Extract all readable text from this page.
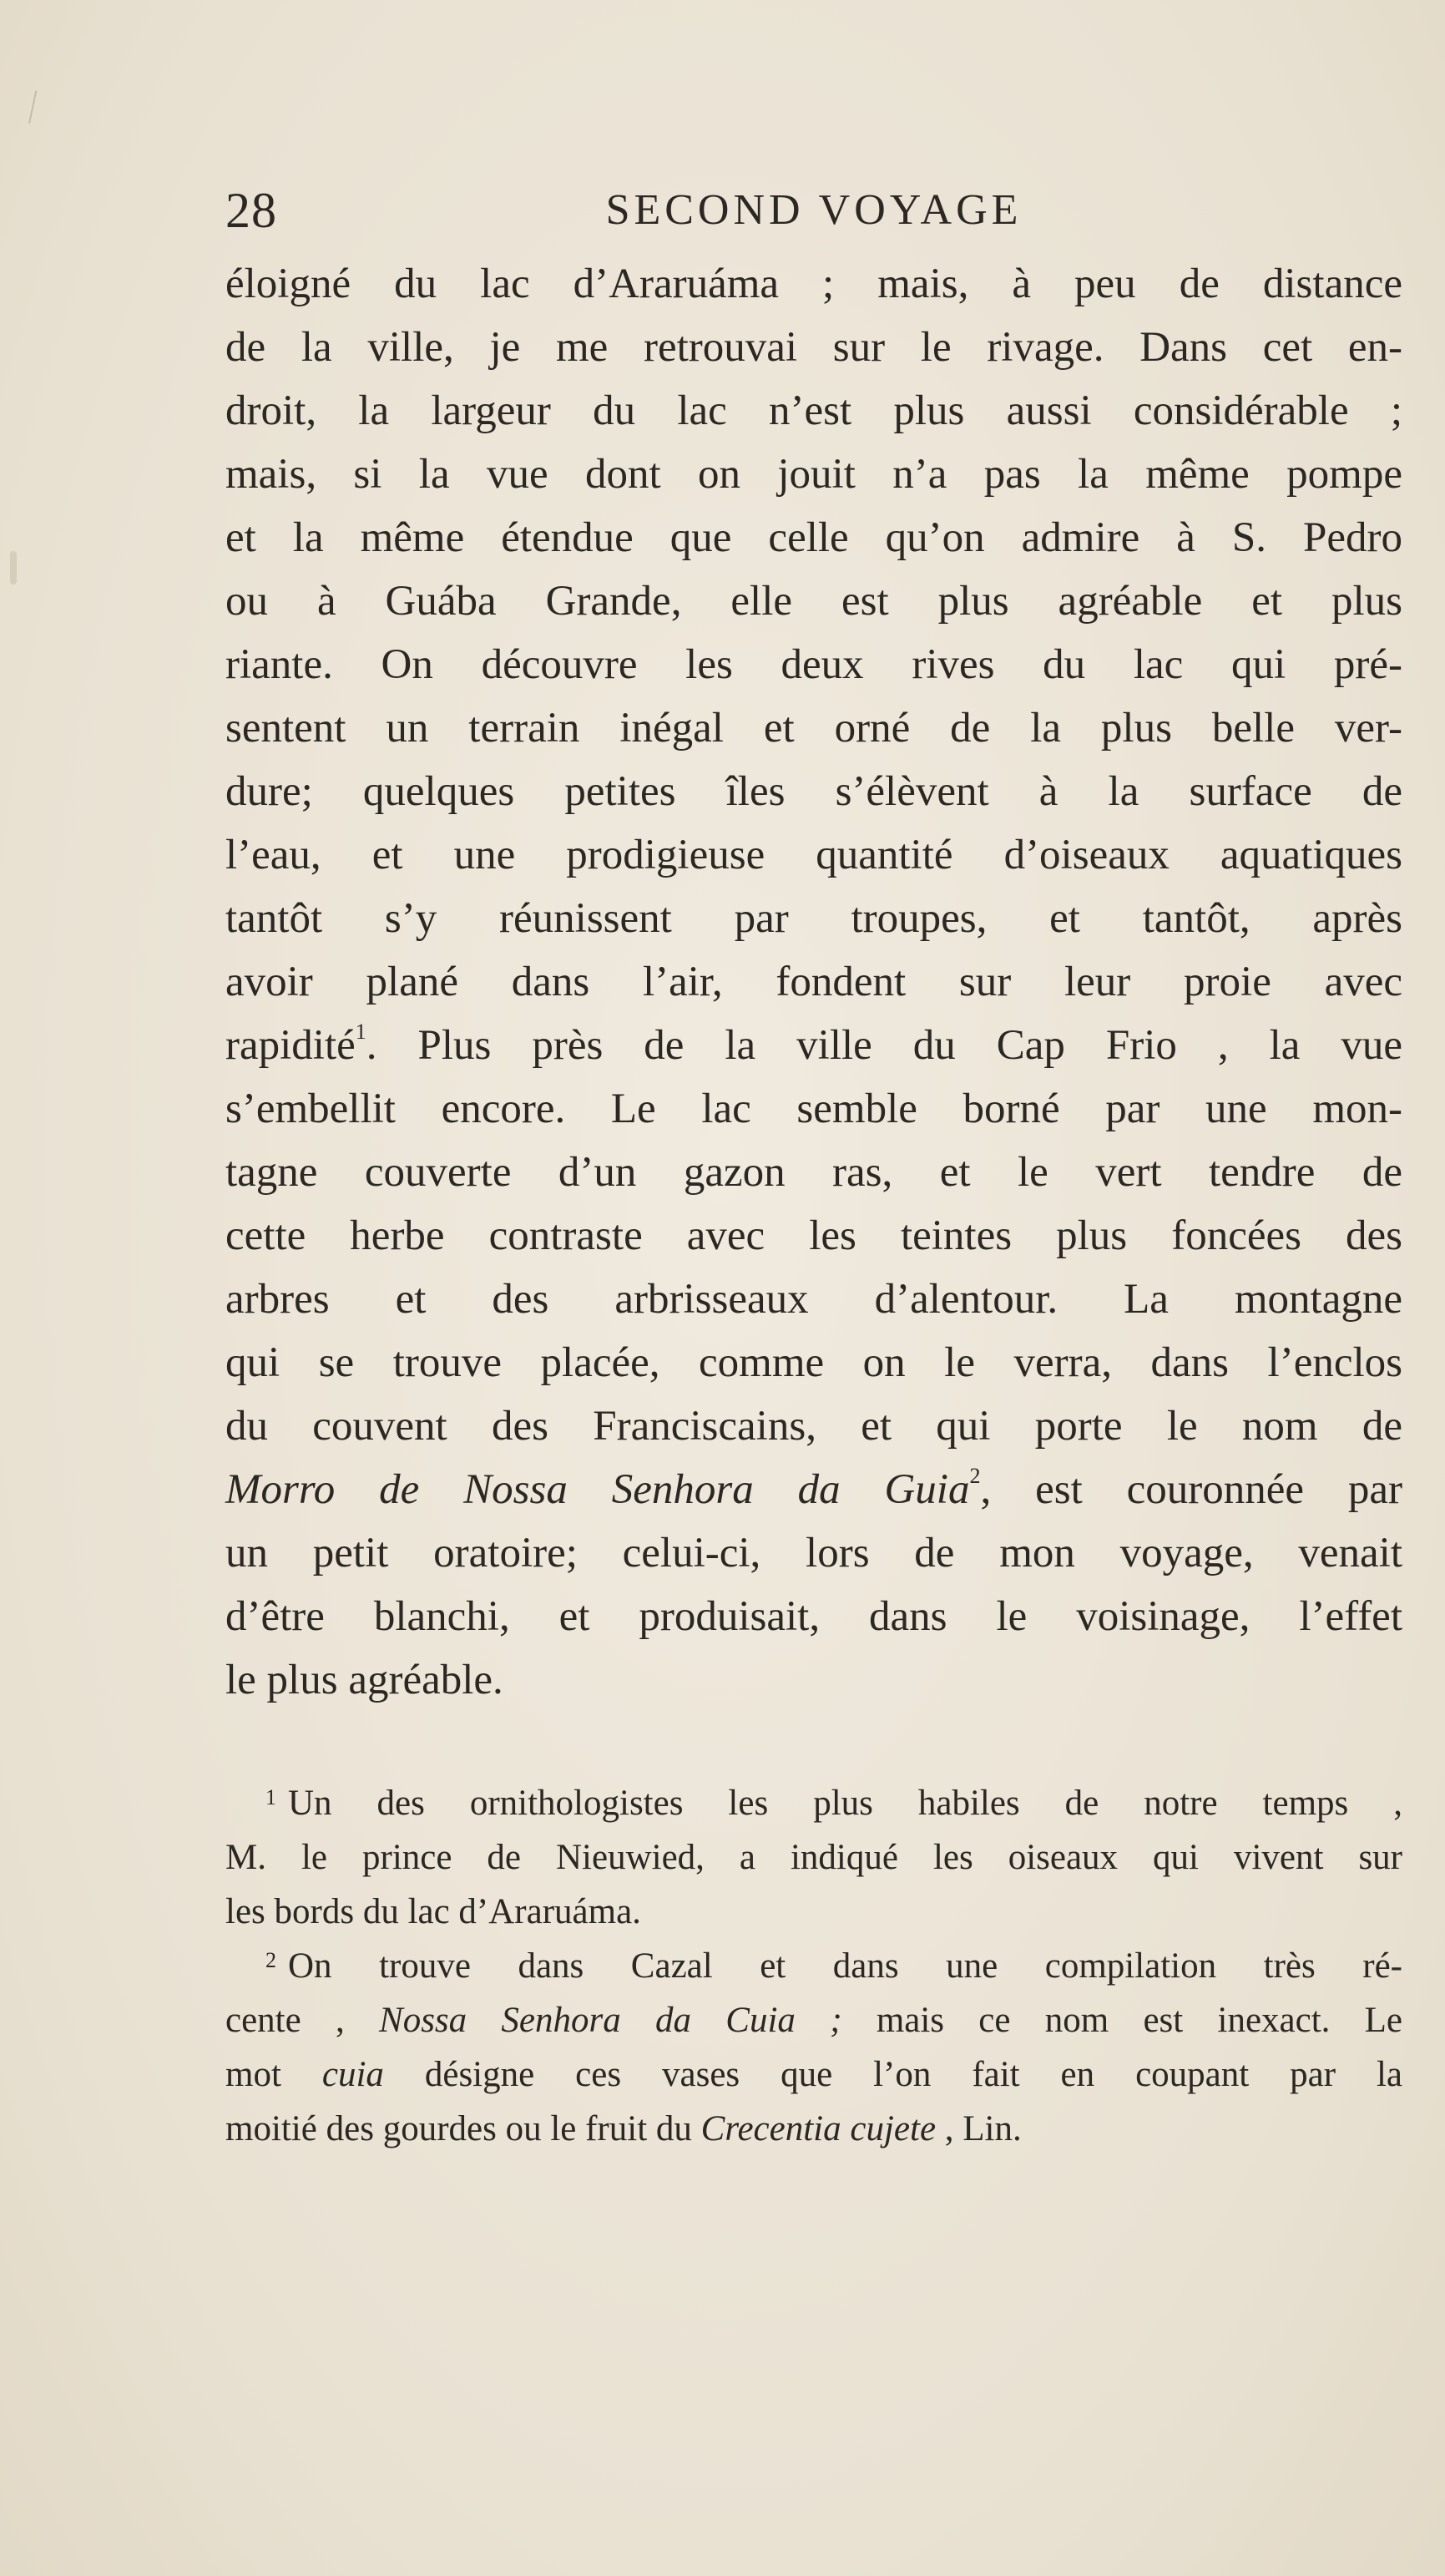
28	SECOND VOYAGE
éloigné du lac d’Araruáma ; mais, à peu de distance
de la ville, je me retrouvai sur le rivage. Dans cet en-
droit, la largeur du lac n’est plus aussi considérable ;
mais, si la vue dont on jouit n’a pas la même pompe
et la même étendue que celle qu’on admire à S. Pedro
ou à Guába Grande, elle est plus agréable et plus
riante. On découvre les deux rives du lac qui pré-
sentent un terrain inégal et orné de la plus belle ver-
dure; quelques petites îles s’élèvent à la surface de
l’eau, et une prodigieuse quantité d’oiseaux aquatiques
tantôt s’y réunissent par troupes, et tantôt, après
avoir plané dans l’air, fondent sur leur proie avec
rapidité$^1$. Plus près de la ville du Cap Frio , la vue
s’embellit encore. Le lac semble borné par une mon-
tagne couverte d’un gazon ras, et le vert tendre de
cette herbe contraste avec les teintes plus foncées des
arbres et des arbrisseaux d’alentour. La montagne
qui se trouve placée, comme on le verra, dans l’enclos
du couvent des Franciscains, et qui porte le nom de
Morro de Nossa Senhora da Guia$^2$, est couronnée par
un petit oratoire; celui-ci, lors de mon voyage, venait
d’être blanchi, et produisait, dans le voisinage, l’effet
le plus agréable.
$^1$ Un des ornithologistes les plus habiles de notre temps ,
M. le prince de Nieuwied, a indiqué les oiseaux qui vivent sur
les bords du lac d’Araruáma.
$^2$ On trouve dans Cazal et dans une compilation très ré-
cente , Nossa Senhora da Cuia ; mais ce nom est inexact. Le
mot cuia désigne ces vases que l’on fait en coupant par la
moitié des gourdes ou le fruit du Crecentia cujete , Lin.
